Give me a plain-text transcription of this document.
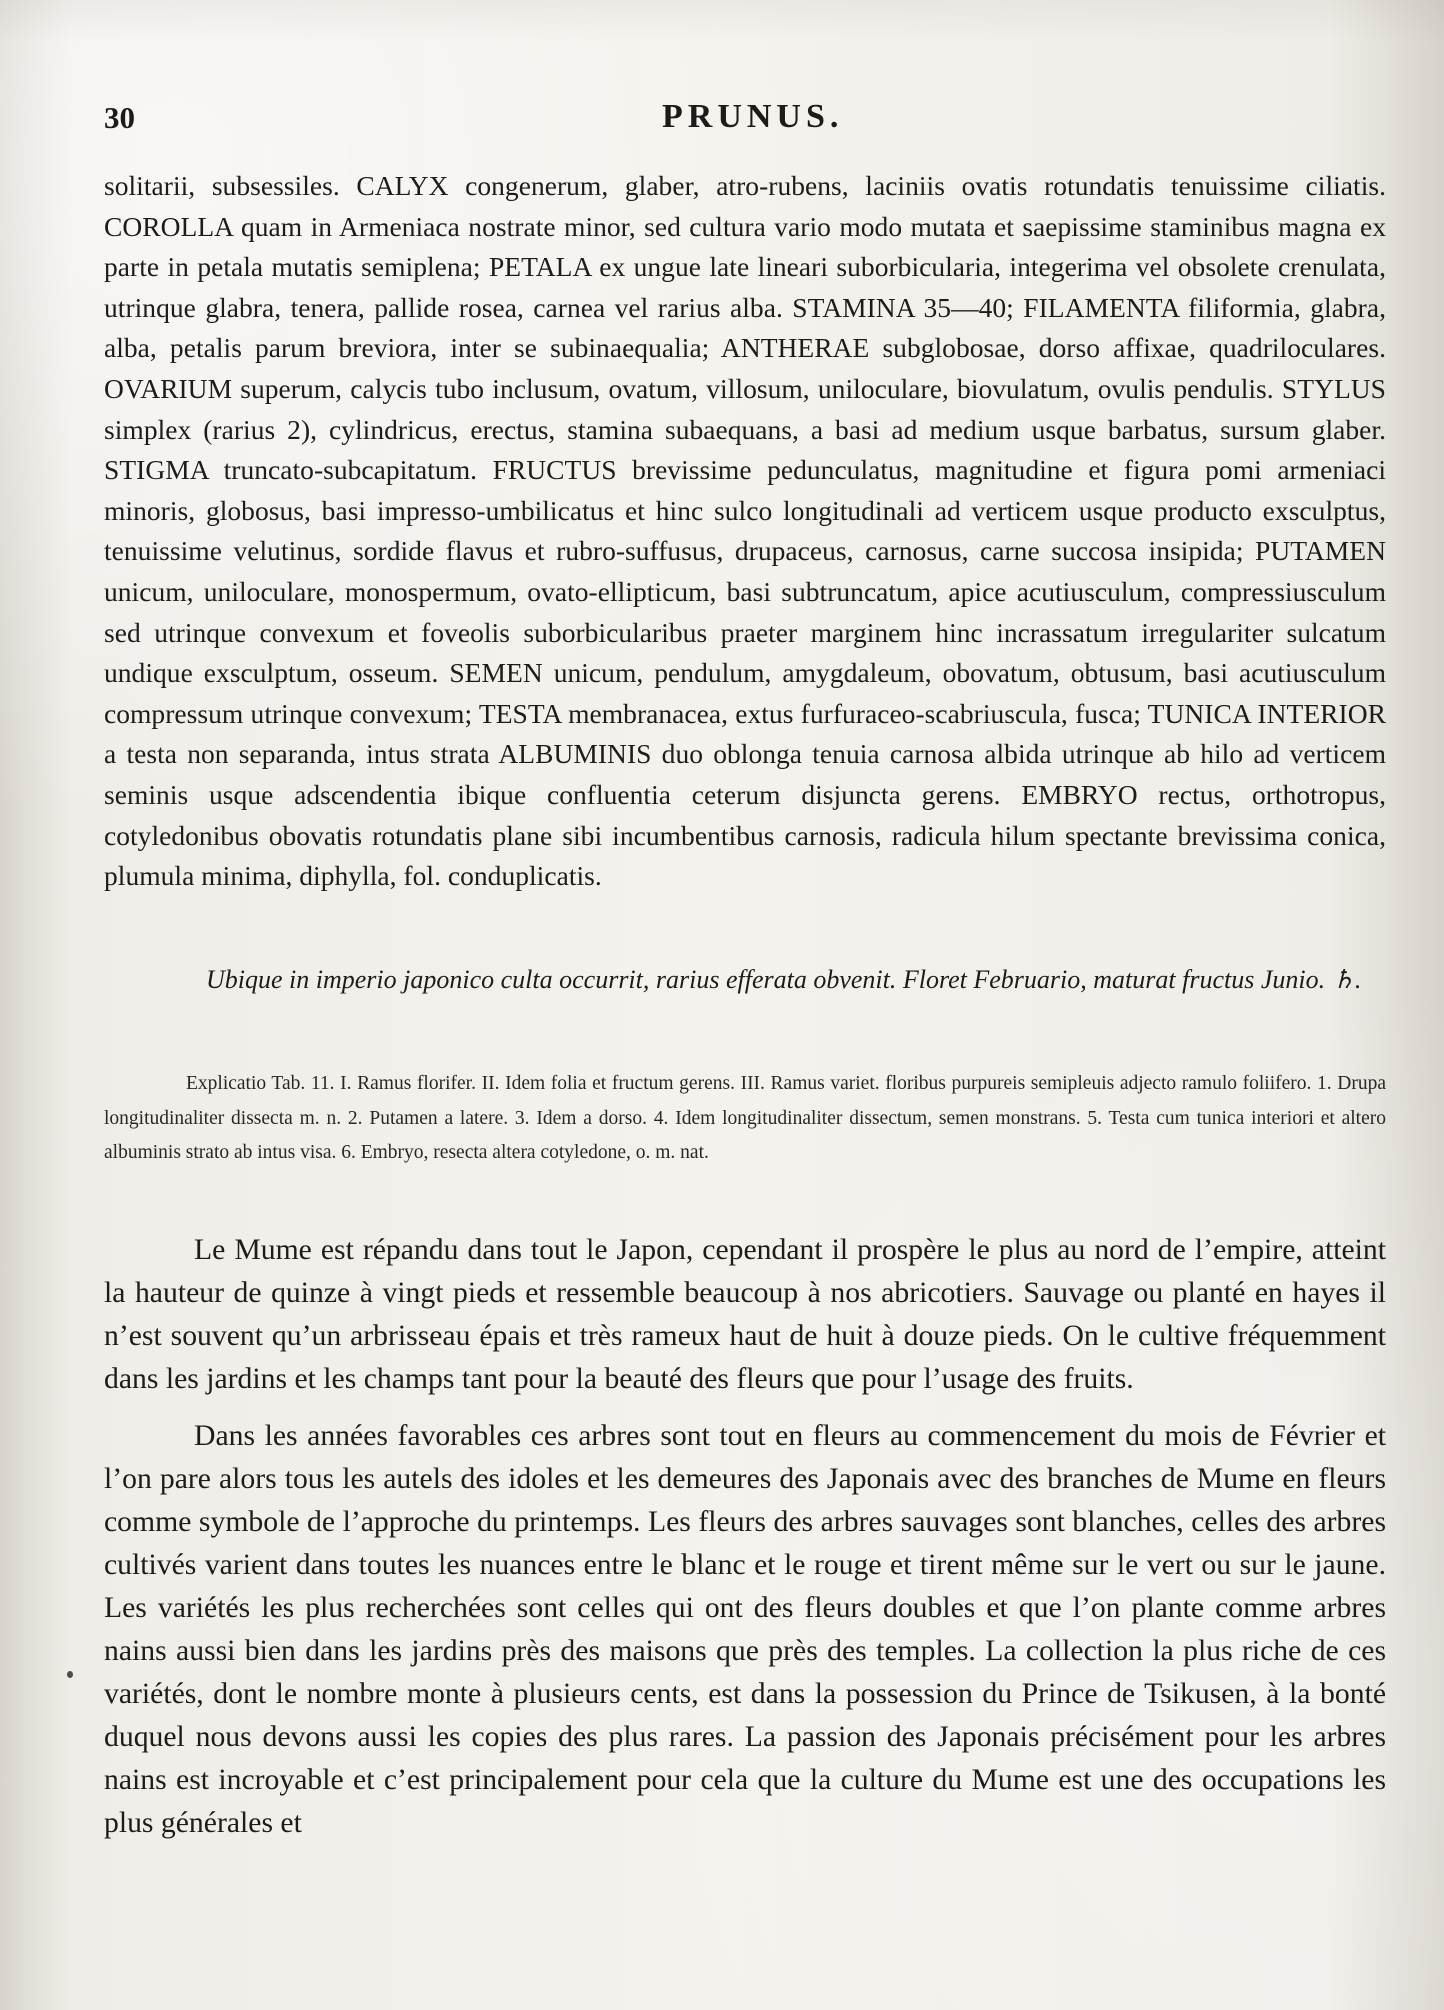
30	PRUNUS.

solitarii, subsessiles. CALYX congenerum, glaber, atro-rubens, laciniis ovatis rotundatis tenuissime ciliatis. COROLLA quam in Armeniaca nostrate minor, sed cultura vario modo mutata et saepissime staminibus magna ex parte in petala mutatis semiplena; PETALA ex ungue late lineari suborbicularia, integerima vel obsolete crenulata, utrinque glabra, tenera, pallide rosea, carnea vel rarius alba. STAMINA 35—40; FILAMENTA filiformia, glabra, alba, petalis parum breviora, inter se subinaequalia; ANTHERAE subglobosae, dorso affixae, quadriloculares. OVARIUM superum, calycis tubo inclusum, ovatum, villosum, uniloculare, biovulatum, ovulis pendulis. STYLUS simplex (rarius 2), cylindricus, erectus, stamina subaequans, a basi ad medium usque barbatus, sursum glaber. STIGMA truncato-subcapitatum. FRUCTUS brevissime pedunculatus, magnitudine et figura pomi armeniaci minoris, globosus, basi impresso-umbilicatus et hinc sulco longitudinali ad verticem usque producto exsculptus, tenuissime velutinus, sordide flavus et rubro-suffusus, drupaceus, carnosus, carne succosa insipida; PUTAMEN unicum, uniloculare, monospermum, ovato-ellipticum, basi subtruncatum, apice acutiusculum, compressiusculum sed utrinque convexum et foveolis suborbicularibus praeter marginem hinc incrassatum irregulariter sulcatum undique exsculptum, osseum. SEMEN unicum, pendulum, amygdaleum, obovatum, obtusum, basi acutiusculum compressum utrinque convexum; TESTA membranacea, extus furfuraceo-scabriuscula, fusca; TUNICA INTERIOR a testa non separanda, intus strata ALBUMINIS duo oblonga tenuia carnosa albida utrinque ab hilo ad verticem seminis usque adscendentia ibique confluentia ceterum disjuncta gerens. EMBRYO rectus, orthotropus, cotyledonibus obovatis rotundatis plane sibi incumbentibus carnosis, radicula hilum spectante brevissima conica, plumula minima, diphylla, fol. conduplicatis.

Ubique in imperio japonico culta occurrit, rarius efferata obvenit. Floret Februario, maturat fructus Junio. ♄.

Explicatio Tab. 11. I. Ramus florifer. II. Idem folia et fructum gerens. III. Ramus variet. floribus purpureis semipleuis adjecto ramulo foliifero. 1. Drupa longitudinaliter dissecta m. n. 2. Putamen a latere. 3. Idem a dorso. 4. Idem longitudinaliter dissectum, semen monstrans. 5. Testa cum tunica interiori et altero albuminis strato ab intus visa. 6. Embryo, resecta altera cotyledone, o. m. nat.

Le Mume est répandu dans tout le Japon, cependant il prospère le plus au nord de l’empire, atteint la hauteur de quinze à vingt pieds et ressemble beaucoup à nos abricotiers. Sauvage ou planté en hayes il n’est souvent qu’un arbrisseau épais et très rameux haut de huit à douze pieds. On le cultive fréquemment dans les jardins et les champs tant pour la beauté des fleurs que pour l’usage des fruits.

Dans les années favorables ces arbres sont tout en fleurs au commencement du mois de Février et l’on pare alors tous les autels des idoles et les demeures des Japonais avec des branches de Mume en fleurs comme symbole de l’approche du printemps. Les fleurs des arbres sauvages sont blanches, celles des arbres cultivés varient dans toutes les nuances entre le blanc et le rouge et tirent même sur le vert ou sur le jaune. Les variétés les plus recherchées sont celles qui ont des fleurs doubles et que l’on plante comme arbres nains aussi bien dans les jardins près des maisons que près des temples. La collection la plus riche de ces variétés, dont le nombre monte à plusieurs cents, est dans la possession du Prince de Tsikusen, à la bonté duquel nous devons aussi les copies des plus rares. La passion des Japonais précisément pour les arbres nains est incroyable et c’est principalement pour cela que la culture du Mume est une des occupations les plus générales et
